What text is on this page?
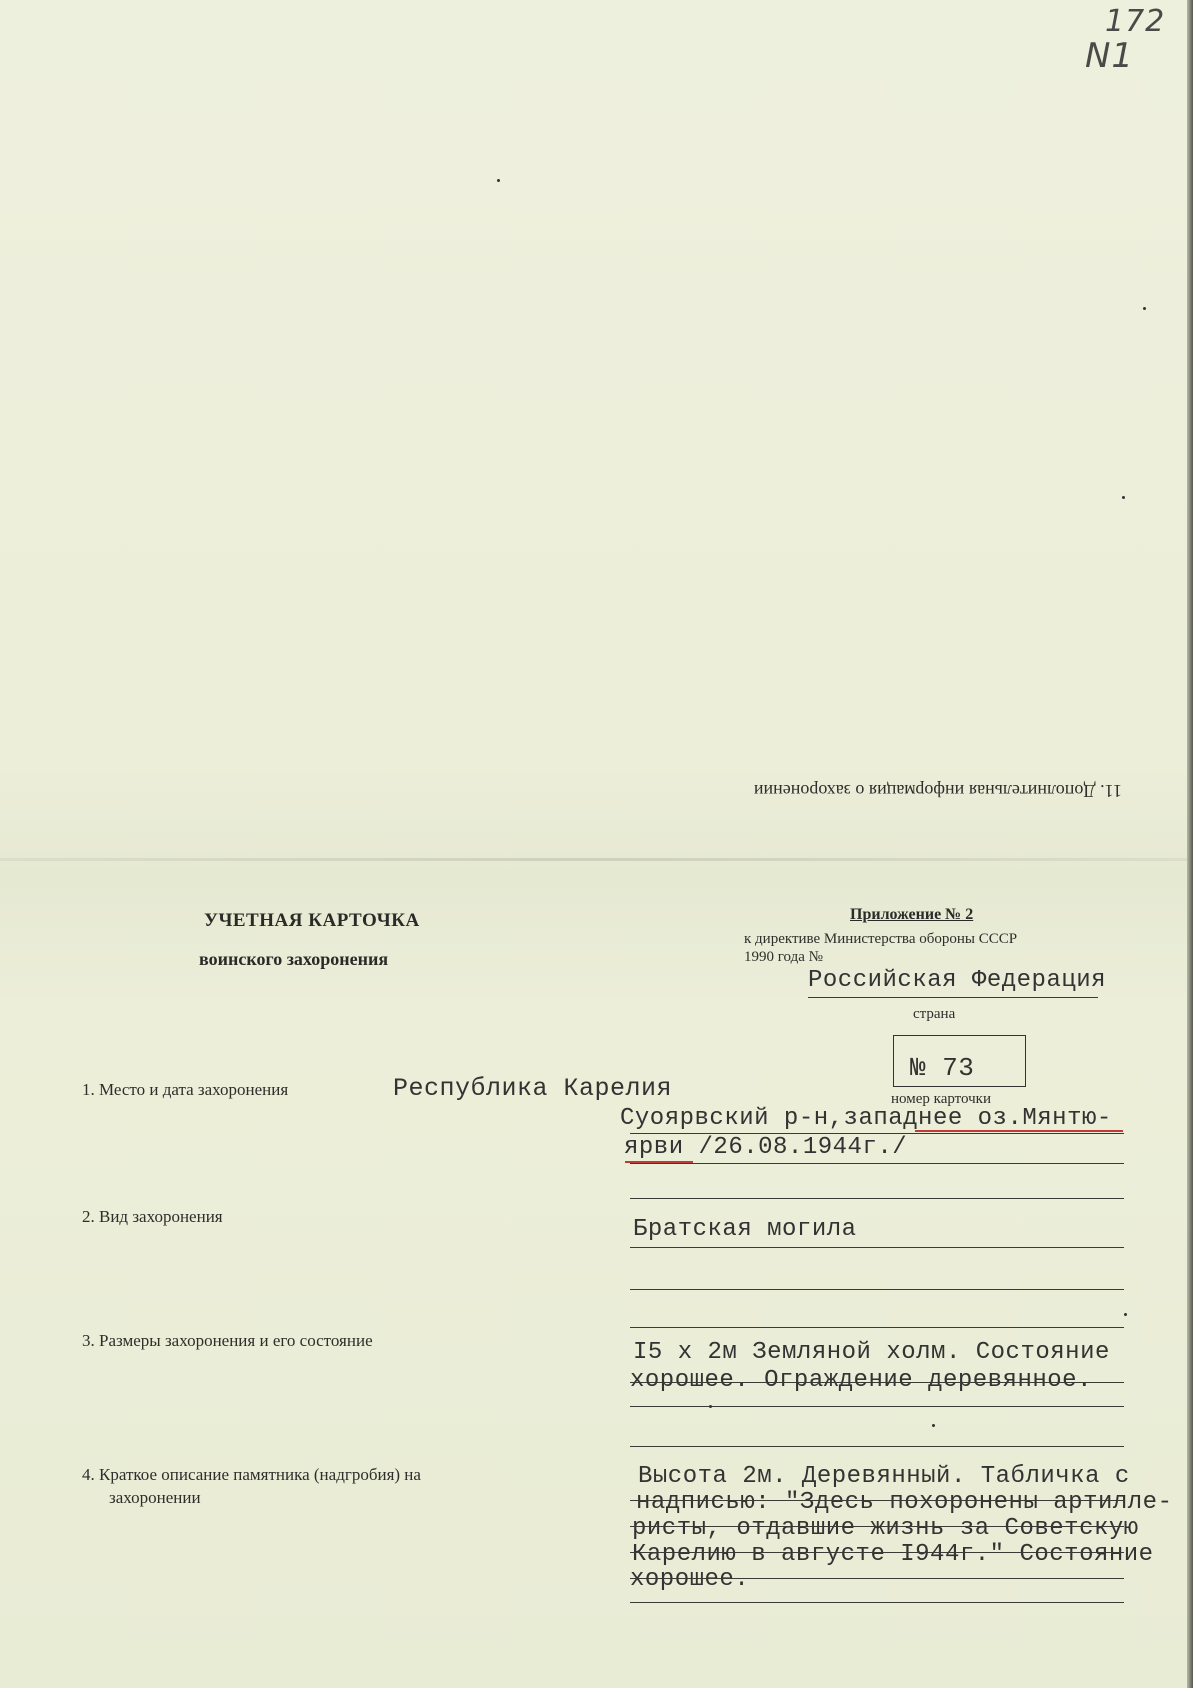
172
N1
11. Дополнительная информация о захоронении
УЧЕТНАЯ КАРТОЧКА
воинского захоронения
Приложение № 2
к директиве Министерства обороны СССР
1990 года №
Российская Федерация
страна
№ 73
номер карточки
1. Место и дата захоронения	Республика Карелия
Суоярвский р-н,западнее оз.Мянтю-
ярви /26.08.1944г./
2. Вид захоронения	Братская могила
3. Размеры захоронения и его состояние	I5 x 2м Земляной холм. Состояние
хорошее. Ограждение деревянное.
4. Краткое описание памятника (надгробия) на
захоронении
Высота 2м. Деревянный. Табличка с
надписью: "Здесь похоронены артилле-
ристы, отдавшие жизнь за Советскую
Карелию в августе I944г." Состояние
хорошее.
